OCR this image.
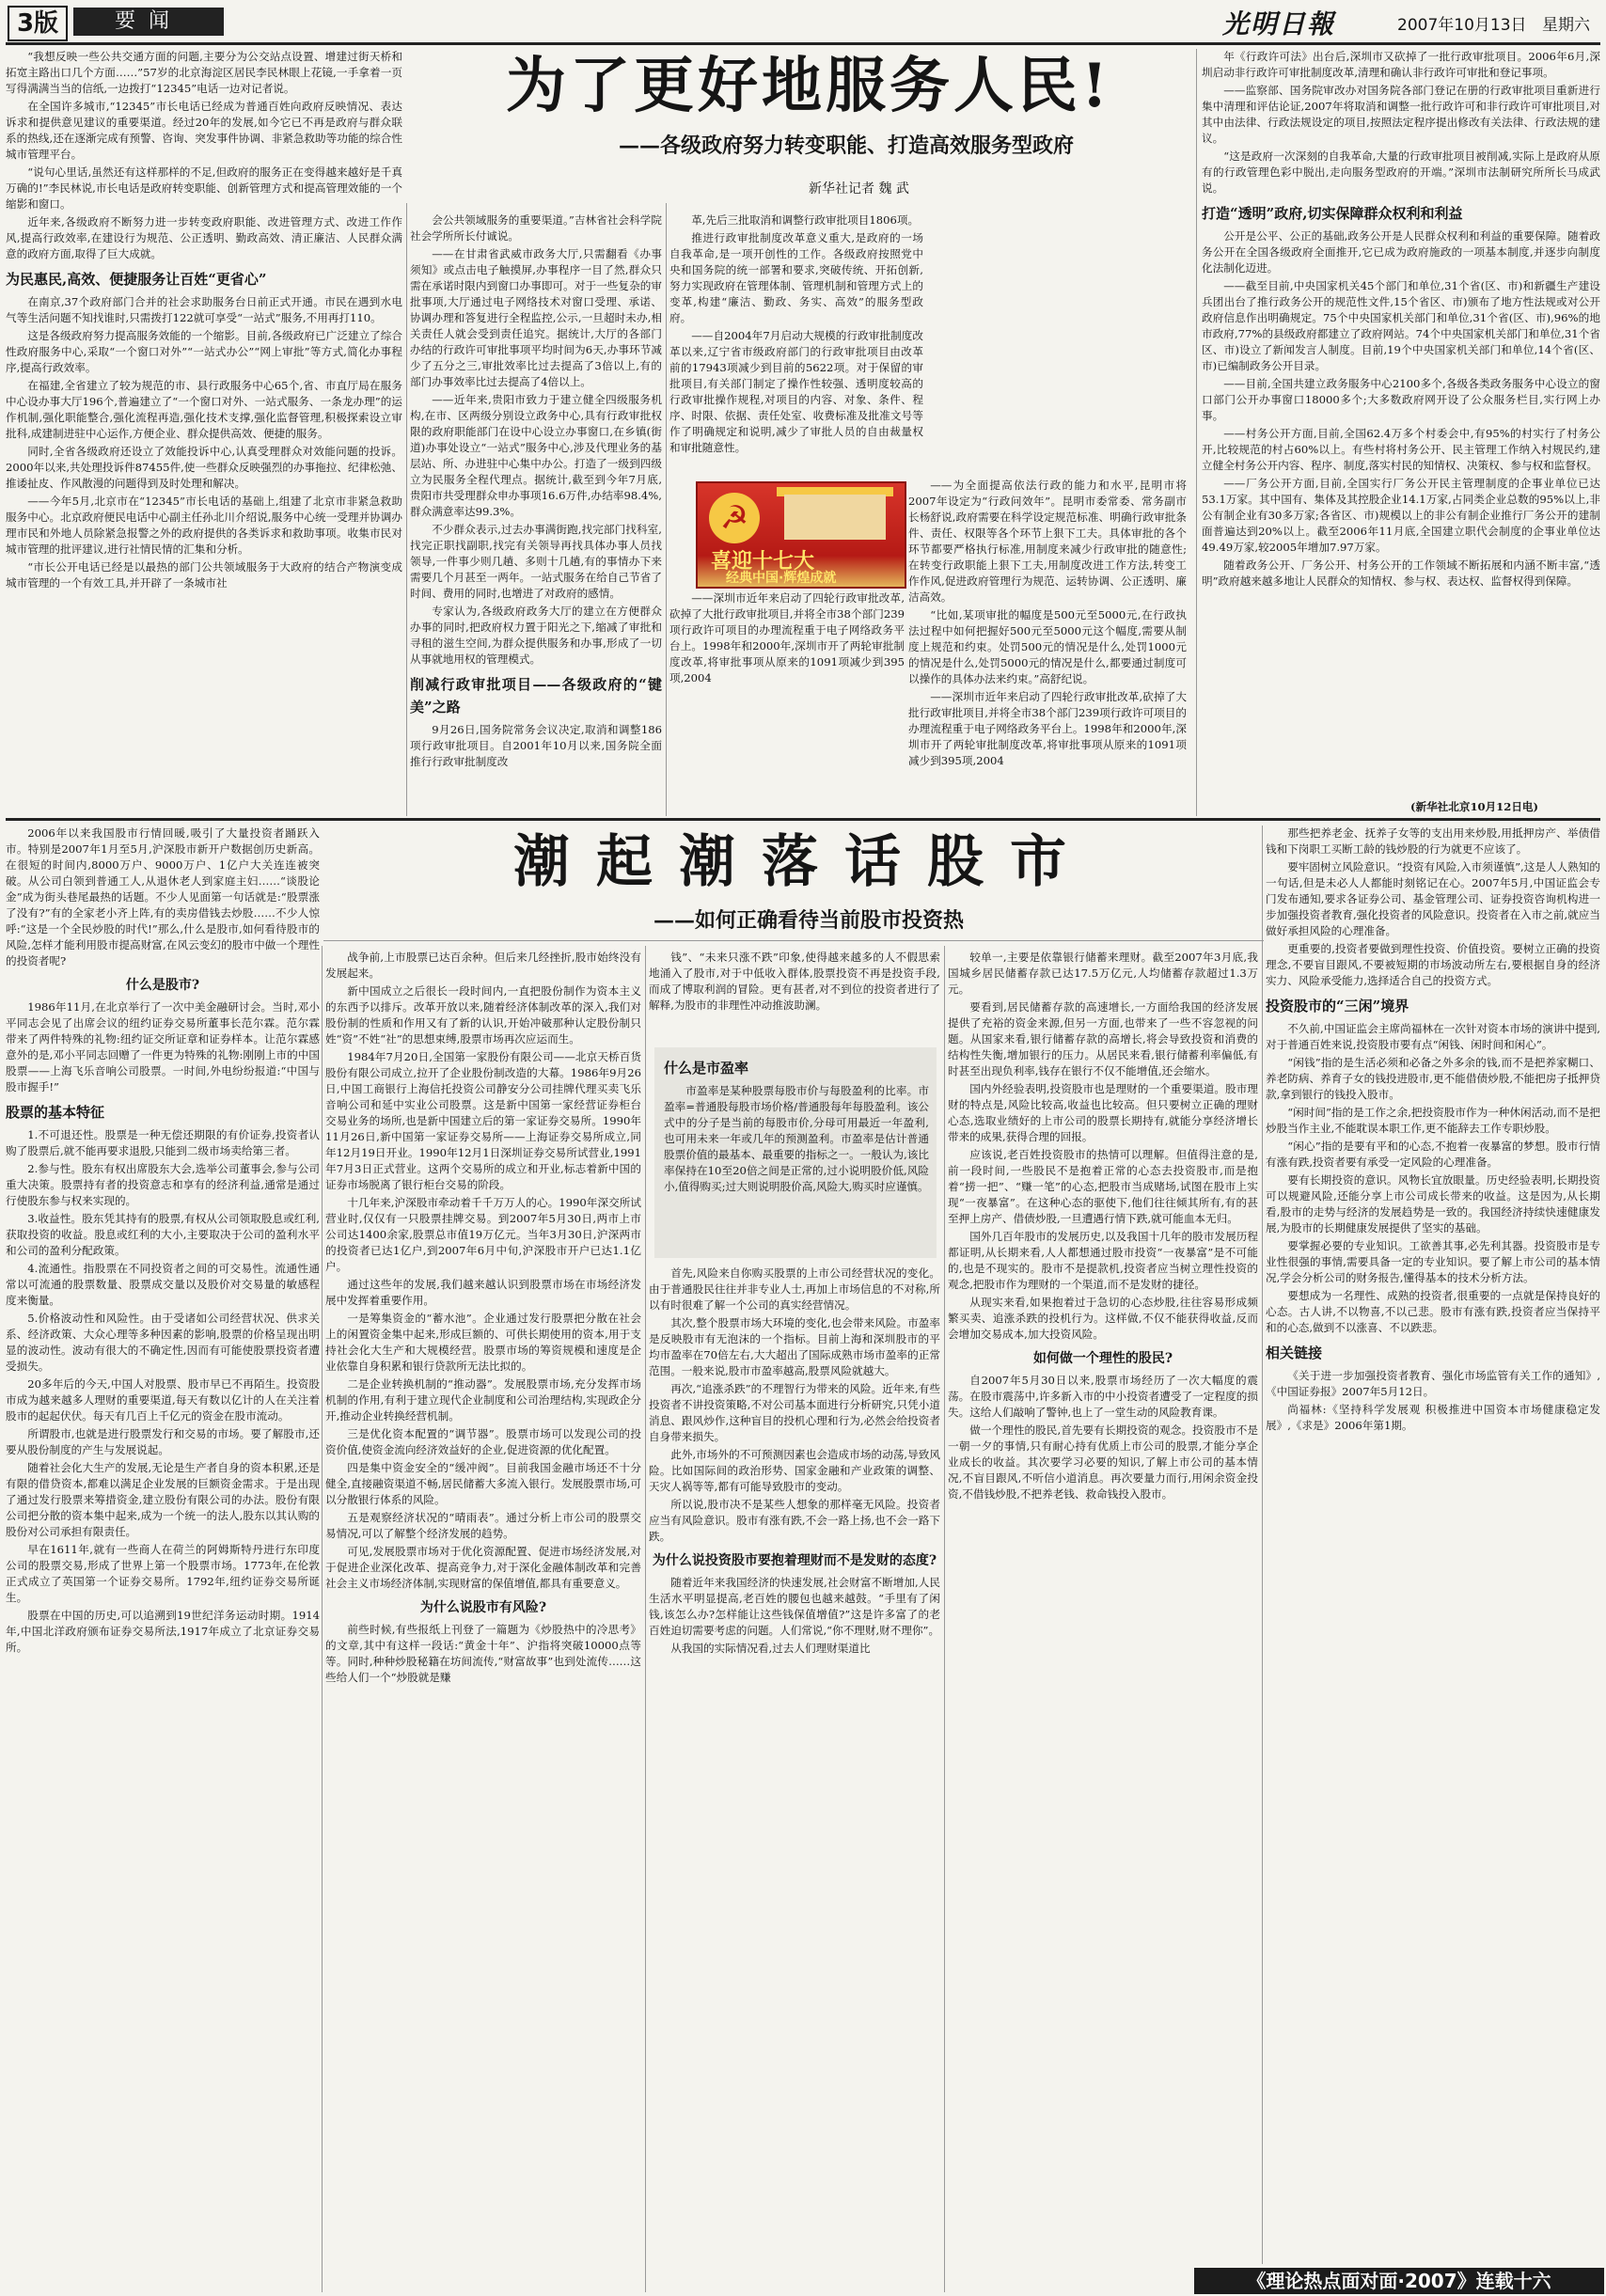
3版	要闻	光明日報	2007年10月13日 星期六
为了更好地服务人民!
——各级政府努力转变职能、打造高效服务型政府
新华社记者 魏 武

“我想反映一些公共交通方面的问题,主要分为公交站点设置、增建过街天桥和拓宽主路出口几个方面……”57岁的北京海淀区居民李民林眼上花镜,一手拿着一页写得满满当当的信纸,一边拨打“12345”电话一边对记者说。

在全国许多城市,“12345”市长电话已经成为普通百姓向政府反映情况、表达诉求和提供意见建议的重要渠道。经过20年的发展,如今它已不再是政府与群众联系的热线,还在逐渐完成有预警、咨询、突发事件协调、非紧急救助等功能的综合性城市管理平台。

“说句心里话,虽然还有这样那样的不足,但政府的服务正在变得越来越好是千真万确的!”李民林说,市长电话是政府转变职能、创新管理方式和提高管理效能的一个缩影和窗口。

近年来,各级政府不断努力进一步转变政府职能、改进管理方式、改进工作作风,提高行政效率,在建设行为规范、公正透明、勤政高效、清正廉洁、人民群众满意的政府方面,取得了巨大成就。

为民惠民,高效、便捷服务让百姓“更省心”

在南京,37个政府部门合并的社会求助服务台日前正式开通。市民在遇到水电气等生活问题不知找谁时,只需拨打122就可享受“一站式”服务,不用再打110。

这是各级政府努力提高服务效能的一个缩影。目前,各级政府已广泛建立了综合性政府服务中心,采取“一个窗口对外”“一站式办公”“网上审批”等方式,简化办事程序,提高行政效率。

在福建,全省建立了较为规范的市、县行政服务中心65个,省、市直厅局在服务中心设办事大厅196个,普遍建立了“一个窗口对外、一站式服务、一条龙办理”的运作机制,强化职能整合,强化流程再造,强化技术支撑,强化监督管理,积极探索设立审批科,成建制进驻中心运作,方便企业、群众提供高效、便捷的服务。

同时,全省各级政府还设立了效能投诉中心,认真受理群众对效能问题的投诉。2000年以来,共处理投诉件87455件,使一些群众反映强烈的办事拖拉、纪律松弛、推诿扯皮、作风散漫的问题得到及时处理和解决。

——今年5月,北京市在“12345”市长电话的基础上,组建了北京市非紧急救助服务中心。北京政府便民电话中心副主任孙北川介绍说,服务中心统一受理并协调办理市民和外地人员除紧急报警之外的政府提供的各类诉求和救助事项。收集市民对城市管理的批评建议,进行社情民情的汇集和分析。

“市长公开电话已经是以最热的部门公共领域服务于大政府的结合产物演变成城市管理的一个有效工具,并开辟了一条城市社

会公共领域服务的重要渠道。”吉林省社会科学院社会学所所长付诚说。

——在甘肃省武威市政务大厅,只需翻看《办事须知》或点击电子触摸屏,办事程序一目了然,群众只需在承诺时限内到窗口办事即可。对于一些复杂的审批事项,大厅通过电子网络技术对窗口受理、承诺、协调办理和答复进行全程监控,公示,一旦超时未办,相关责任人就会受到责任追究。据统计,大厅的各部门办结的行政许可审批事项平均时间为6天,办事环节减少了五分之三,审批效率比过去提高了3倍以上,有的部门办事效率比过去提高了4倍以上。

——近年来,贵阳市致力于建立健全四级服务机构,在市、区两级分别设立政务中心,具有行政审批权限的政府职能部门在设中心设立办事窗口,在乡镇(街道)办事处设立“一站式”服务中心,涉及代理业务的基层站、所、办进驻中心集中办公。打造了一级到四级立为民服务全程代理点。据统计,截至到今年7月底,贵阳市共受理群众申办事项16.6万件,办结率98.4%,群众满意率达99.3%。

不少群众表示,过去办事满街跑,找完部门找科室,找完正职找副职,找完有关领导再找具体办事人员找领导,一件事少则几趟、多则十几趟,有的事情办下来需要几个月甚至一两年。一站式服务在给自己节省了时间、费用的同时,也增进了对政府的感情。

专家认为,各级政府政务大厅的建立在方便群众办事的同时,把政府权力置于阳光之下,缩减了审批和寻租的滋生空间,为群众提供服务和办事,形成了一切从事就地用权的管理模式。

削减行政审批项目——各级政府的“键美”之路

9月26日,国务院常务会议决定,取消和调整186项行政审批项目。自2001年10月以来,国务院全面推行行政审批制度改

革,先后三批取消和调整行政审批项目1806项。

推进行政审批制度改革意义重大,是政府的一场自我革命,是一项开创性的工作。各级政府按照党中央和国务院的统一部署和要求,突破传统、开拓创新,努力实现政府在管理体制、管理机制和管理方式上的变革,构建“廉洁、勤政、务实、高效”的服务型政府。

——自2004年7月启动大规模的行政审批制度改革以来,辽宁省市级政府部门的行政审批项目由改革前的17943项减少到目前的5622项。对于保留的审批项目,有关部门制定了操作性较强、透明度较高的行政审批操作规程,对项目的内容、对象、条件、程序、时限、依据、责任处室、收费标准及批准文号等作了明确规定和说明,减少了审批人员的自由裁量权和审批随意性。

——为全面提高依法行政的能力和水平,昆明市将2007年设定为“行政问效年”。昆明市委常委、常务副市长杨舒说,政府需要在科学设定规范标准、明确行政审批条件、责任、权限等各个环节上狠下工夫。具体审批的各个环节都要严格执行标准,用制度来减少行政审批的随意性;在转变行政职能上狠下工夫,用制度改进工作方法,转变工作作风,促进政府管理行为规范、运转协调、公正透明、廉洁高效。

“比如,某项审批的幅度是500元至5000元,在行政执法过程中如何把握好500元至5000元这个幅度,需要从制度上规范和约束。处罚500元的情况是什么,处罚1000元的情况是什么,处罚5000元的情况是什么,都要通过制度可以操作的具体办法来约束。”高舒纪说。

——深圳市近年来启动了四轮行政审批改革,砍掉了大批行政审批项目,并将全市38个部门239项行政许可项目的办理流程重于电子网络政务平台上。1998年和2000年,深圳市开了两轮审批制度改革,将审批事项从原来的1091项减少到395项,2004

——深圳市近年来启动了四轮行政审批改革,砍掉了大批行政审批项目,并将全市38个部门239项行政许可项目的办理流程重于电子网络政务平台上。1998年和2000年,深圳市开了两轮审批制度改革,将审批事项从原来的1091项减少到395项,2004

☭
喜迎十七大
经典中国·辉煌成就

年《行政许可法》出台后,深圳市又砍掉了一批行政审批项目。2006年6月,深圳启动非行政许可审批制度改革,清理和确认非行政许可审批和登记事项。

——监察部、国务院审改办对国务院各部门登记在册的行政审批项目重新进行集中清理和评估论证,2007年将取消和调整一批行政许可和非行政许可审批项目,对其中由法律、行政法规设定的项目,按照法定程序提出修改有关法律、行政法规的建议。

“这是政府一次深刻的自我革命,大量的行政审批项目被削减,实际上是政府从原有的行政管理色彩中脱出,走向服务型政府的开端。”深圳市法制研究所所长马成武说。

打造“透明”政府,切实保障群众权利和利益

公开是公平、公正的基础,政务公开是人民群众权利和利益的重要保障。随着政务公开在全国各级政府全面推开,它已成为政府施政的一项基本制度,并逐步向制度化法制化迈进。

——截至目前,中央国家机关45个部门和单位,31个省(区、市)和新疆生产建设兵团出台了推行政务公开的规范性文件,15个省区、市)颁布了地方性法规或对公开政府信息作出明确规定。75个中央国家机关部门和单位,31个省(区、市),96%的地市政府,77%的县级政府都建立了政府网站。74个中央国家机关部门和单位,31个省区、市)设立了新闻发言人制度。目前,19个中央国家机关部门和单位,14个省(区、市)已编制政务公开目录。

——目前,全国共建立政务服务中心2100多个,各级各类政务服务中心设立的窗口部门公开办事窗口18000多个;大多数政府网开设了公众服务栏目,实行网上办事。

——村务公开方面,目前,全国62.4万多个村委会中,有95%的村实行了村务公开,比较规范的村占60%以上。有些村将村务公开、民主管理工作纳入村规民约,建立健全村务公开内容、程序、制度,落实村民的知情权、决策权、参与权和监督权。

——厂务公开方面,目前,全国实行厂务公开民主管理制度的企事业单位已达53.1万家。其中国有、集体及其控股企业14.1万家,占同类企业总数的95%以上,非公有制企业有30多万家;各省区、市)规模以上的非公有制企业推行厂务公开的建制面普遍达到20%以上。截至2006年11月底,全国建立职代会制度的企事业单位达49.49万家,较2005年增加7.97万家。

随着政务公开、厂务公开、村务公开的工作领域不断拓展和内涵不断丰富,“透明”政府越来越多地让人民群众的知情权、参与权、表达权、监督权得到保障。

(新华社北京10月12日电)
潮起潮落话股市
——如何正确看待当前股市投资热

2006年以来我国股市行情回暖,吸引了大量投资者踊跃入市。特别是2007年1月至5月,沪深股市新开户数据创历史新高。在很短的时间内,8000万户、9000万户、1亿户大关连连被突破。从公司白领到普通工人,从退休老人到家庭主妇……“谈股论金”成为街头巷尾最热的话题。不少人见面第一句话就是:“股票涨了没有?”有的全家老小齐上阵,有的卖房借钱去炒股……不少人惊呼:“这是一个全民炒股的时代!”那么,什么是股市,如何看待股市的风险,怎样才能利用股市提高财富,在风云变幻的股市中做一个理性的投资者呢?

什么是股市?

1986年11月,在北京举行了一次中美金融研讨会。当时,邓小平同志会见了出席会议的纽约证券交易所董事长范尔霖。范尔霖带来了两件特殊的礼物:纽约证交所证章和证券样本。让范尔霖感意外的是,邓小平同志回赠了一件更为特殊的礼物:刚刚上市的中国股票——上海飞乐音响公司股票。一时间,外电纷纷报道:“中国与股市握手!”

股票的基本特征

1.不可退还性。股票是一种无偿还期限的有价证券,投资者认购了股票后,就不能再要求退股,只能到二级市场卖给第三者。

2.参与性。股东有权出席股东大会,选举公司董事会,参与公司重大决策。股票持有者的投资意志和享有的经济利益,通常是通过行使股东参与权来实现的。

3.收益性。股东凭其持有的股票,有权从公司领取股息或红利,获取投资的收益。股息或红利的大小,主要取决于公司的盈利水平和公司的盈利分配政策。

4.流通性。指股票在不同投资者之间的可交易性。流通性通常以可流通的股票数量、股票成交量以及股价对交易量的敏感程度来衡量。

5.价格波动性和风险性。由于受诸如公司经营状况、供求关系、经济政策、大众心理等多种因素的影响,股票的价格呈现出明显的波动性。波动有很大的不确定性,因而有可能使股票投资者遭受损失。

20多年后的今天,中国人对股票、股市早已不再陌生。投资股市成为越来越多人理财的重要渠道,每天有数以亿计的人在关注着股市的起起伏伏。每天有几百上千亿元的资金在股市流动。

所谓股市,也就是进行股票发行和交易的市场。要了解股市,还要从股份制度的产生与发展说起。

随着社会化大生产的发展,无论是生产者自身的资本积累,还是有限的借贷资本,都难以满足企业发展的巨额资金需求。于是出现了通过发行股票来筹措资金,建立股份有限公司的办法。股份有限公司把分散的资本集中起来,成为一个统一的法人,股东以其认购的股份对公司承担有限责任。

早在1611年,就有一些商人在荷兰的阿姆斯特丹进行东印度公司的股票交易,形成了世界上第一个股票市场。1773年,在伦敦正式成立了英国第一个证券交易所。1792年,纽约证券交易所诞生。

股票在中国的历史,可以追溯到19世纪洋务运动时期。1914年,中国北洋政府颁布证券交易所法,1917年成立了北京证券交易所。

战争前,上市股票已达百余种。但后来几经挫折,股市始终没有发展起来。

新中国成立之后很长一段时间内,一直把股份制作为资本主义的东西予以排斥。改革开放以来,随着经济体制改革的深入,我们对股份制的性质和作用又有了新的认识,开始冲破那种认定股份制只姓“资”不姓“社”的思想束缚,股票市场再次应运而生。

1984年7月20日,全国第一家股份有限公司——北京天桥百货股份有限公司成立,拉开了企业股份制改造的大幕。1986年9月26日,中国工商银行上海信托投资公司静安分公司挂牌代理买卖飞乐音响公司和延中实业公司股票。这是新中国第一家经营证券柜台交易业务的场所,也是新中国建立后的第一家证券交易所。1990年11月26日,新中国第一家证券交易所——上海证券交易所成立,同年12月19日开业。1990年12月1日深圳证券交易所试营业,1991年7月3日正式营业。这两个交易所的成立和开业,标志着新中国的证券市场脱离了银行柜台交易的阶段。

十几年来,沪深股市牵动着千千万万人的心。1990年深交所试营业时,仅仅有一只股票挂牌交易。到2007年5月30日,两市上市公司达1400余家,股票总市值19万亿元。当年3月30日,沪深两市的投资者已达1亿户,到2007年6月中旬,沪深股市开户已达1.1亿户。

通过这些年的发展,我们越来越认识到股票市场在市场经济发展中发挥着重要作用。

一是筹集资金的“蓄水池”。企业通过发行股票把分散在社会上的闲置资金集中起来,形成巨额的、可供长期使用的资本,用于支持社会化大生产和大规模经营。股票市场的筹资规模和速度是企业依靠自身积累和银行贷款所无法比拟的。

二是企业转换机制的“推动器”。发展股票市场,充分发挥市场机制的作用,有利于建立现代企业制度和公司治理结构,实现政企分开,推动企业转换经营机制。

三是优化资本配置的“调节器”。股票市场可以发现公司的投资价值,使资金流向经济效益好的企业,促进资源的优化配置。

四是集中资金安全的“缓冲阀”。目前我国金融市场还不十分健全,直接融资渠道不畅,居民储蓄大多流入银行。发展股票市场,可以分散银行体系的风险。

五是观察经济状况的“晴雨表”。通过分析上市公司的股票交易情况,可以了解整个经济发展的趋势。

可见,发展股票市场对于优化资源配置、促进市场经济发展,对于促进企业深化改革、提高竞争力,对于深化金融体制改革和完善社会主义市场经济体制,实现财富的保值增值,都具有重要意义。

为什么说股市有风险?

前些时候,有些报纸上刊登了一篇题为《炒股热中的冷思考》的文章,其中有这样一段话:“黄金十年”、沪指将突破10000点等等。同时,种种炒股秘籍在坊间流传,“财富故事”也到处流传……这些给人们一个“炒股就是赚

钱”、“未来只涨不跌”印象,使得越来越多的人不假思索地涌入了股市,对于中低收入群体,股票投资不再是投资手段,而成了博取利润的冒险。更有甚者,对不到位的投资者进行了解释,为股市的非理性冲动推波助澜。

什么是市盈率

市盈率是某种股票每股市价与每股盈利的比率。市盈率=普通股每股市场价格/普通股每年每股盈利。该公式中的分子是当前的每股市价,分母可用最近一年盈利,也可用未来一年或几年的预测盈利。市盈率是估计普通股票价值的最基本、最重要的指标之一。一般认为,该比率保持在10至20倍之间是正常的,过小说明股价低,风险小,值得购买;过大则说明股价高,风险大,购买时应谨慎。

首先,风险来自你购买股票的上市公司经营状况的变化。由于普通股民往往并非专业人士,再加上市场信息的不对称,所以有时很难了解一个公司的真实经营情况。

其次,整个股票市场大环境的变化,也会带来风险。市盈率是反映股市有无泡沫的一个指标。目前上海和深圳股市的平均市盈率在70倍左右,大大超出了国际成熟市场市盈率的正常范围。一般来说,股市市盈率越高,股票风险就越大。

再次,“追涨杀跌”的不理智行为带来的风险。近年来,有些投资者不讲投资策略,不对公司基本面进行分析研究,只凭小道消息、跟风炒作,这种盲目的投机心理和行为,必然会给投资者自身带来损失。

此外,市场外的不可预测因素也会造成市场的动荡,导致风险。比如国际间的政治形势、国家金融和产业政策的调整、天灾人祸等等,都有可能导致股市的变动。

所以说,股市决不是某些人想象的那样毫无风险。投资者应当有风险意识。股市有涨有跌,不会一路上扬,也不会一路下跌。

为什么说投资股市要抱着理财而不是发财的态度?

随着近年来我国经济的快速发展,社会财富不断增加,人民生活水平明显提高,老百姓的腰包也越来越鼓。“手里有了闲钱,该怎么办?怎样能让这些钱保值增值?”这是许多富了的老百姓迫切需要考虑的问题。人们常说,“你不理财,财不理你”。

从我国的实际情况看,过去人们理财渠道比

较单一,主要是依靠银行储蓄来理财。截至2007年3月底,我国城乡居民储蓄存款已达17.5万亿元,人均储蓄存款超过1.3万元。

要看到,居民储蓄存款的高速增长,一方面给我国的经济发展提供了充裕的资金来源,但另一方面,也带来了一些不容忽视的问题。从国家来看,银行储蓄存款的高增长,将会导致投资和消费的结构性失衡,增加银行的压力。从居民来看,银行储蓄利率偏低,有时甚至出现负利率,钱存在银行不仅不能增值,还会缩水。

国内外经验表明,投资股市也是理财的一个重要渠道。股市理财的特点是,风险比较高,收益也比较高。但只要树立正确的理财心态,选取业绩好的上市公司的股票长期持有,就能分享经济增长带来的成果,获得合理的回报。

应该说,老百姓投资股市的热情可以理解。但值得注意的是,前一段时间,一些股民不是抱着正常的心态去投资股市,而是抱着“捞一把”、“赚一笔”的心态,把股市当成赌场,试图在股市上实现“一夜暴富”。在这种心态的驱使下,他们往往倾其所有,有的甚至押上房产、借债炒股,一旦遭遇行情下跌,就可能血本无归。

国外几百年股市的发展历史,以及我国十几年的股市发展历程都证明,从长期来看,人人都想通过股市投资“一夜暴富”是不可能的,也是不现实的。股市不是提款机,投资者应当树立理性投资的观念,把股市作为理财的一个渠道,而不是发财的捷径。

从现实来看,如果抱着过于急切的心态炒股,往往容易形成频繁买卖、追涨杀跌的投机行为。这样做,不仅不能获得收益,反而会增加交易成本,加大投资风险。

如何做一个理性的股民?

自2007年5月30日以来,股票市场经历了一次大幅度的震荡。在股市震荡中,许多新入市的中小投资者遭受了一定程度的损失。这给人们敲响了警钟,也上了一堂生动的风险教育课。

做一个理性的股民,首先要有长期投资的观念。投资股市不是一朝一夕的事情,只有耐心持有优质上市公司的股票,才能分享企业成长的收益。其次要学习必要的知识,了解上市公司的基本情况,不盲目跟风,不听信小道消息。再次要量力而行,用闲余资金投资,不借钱炒股,不把养老钱、救命钱投入股市。

那些把养老金、抚养子女等的支出用来炒股,用抵押房产、举债借钱和下岗职工买断工龄的钱炒股的行为就更不应该了。

要牢固树立风险意识。“投资有风险,入市须谨慎”,这是人人熟知的一句话,但是未必人人都能时刻铭记在心。2007年5月,中国证监会专门发布通知,要求各证券公司、基金管理公司、证券投资咨询机构进一步加强投资者教育,强化投资者的风险意识。投资者在入市之前,就应当做好承担风险的心理准备。

更重要的,投资者要做到理性投资、价值投资。要树立正确的投资理念,不要盲目跟风,不要被短期的市场波动所左右,要根据自身的经济实力、风险承受能力,选择适合自己的投资方式。

投资股市的“三闲”境界

不久前,中国证监会主席尚福林在一次针对资本市场的演讲中提到,对于普通百姓来说,投资股市要有点“闲钱、闲时间和闲心”。

“闲钱”指的是生活必须和必备之外多余的钱,而不是把养家糊口、养老防病、养育子女的钱投进股市,更不能借债炒股,不能把房子抵押贷款,拿到银行的钱投入股市。

“闲时间”指的是工作之余,把投资股市作为一种休闲活动,而不是把炒股当作主业,不能耽误本职工作,更不能辞去工作专职炒股。

“闲心”指的是要有平和的心态,不抱着一夜暴富的梦想。股市行情有涨有跌,投资者要有承受一定风险的心理准备。

要有长期投资的意识。风物长宜放眼量。历史经验表明,长期投资可以规避风险,还能分享上市公司成长带来的收益。这是因为,从长期看,股市的走势与经济的发展趋势是一致的。我国经济持续快速健康发展,为股市的长期健康发展提供了坚实的基础。

要掌握必要的专业知识。工欲善其事,必先利其器。投资股市是专业性很强的事情,需要具备一定的专业知识。要了解上市公司的基本情况,学会分析公司的财务报告,懂得基本的技术分析方法。

要想成为一名理性、成熟的投资者,很重要的一点就是保持良好的心态。古人讲,不以物喜,不以己悲。股市有涨有跌,投资者应当保持平和的心态,做到不以涨喜、不以跌悲。

相关链接

《关于进一步加强投资者教育、强化市场监管有关工作的通知》,《中国证券报》2007年5月12日。

尚福林:《坚持科学发展观 积极推进中国资本市场健康稳定发展》,《求是》2006年第1期。

《理论热点面对面·2007》连载十六
